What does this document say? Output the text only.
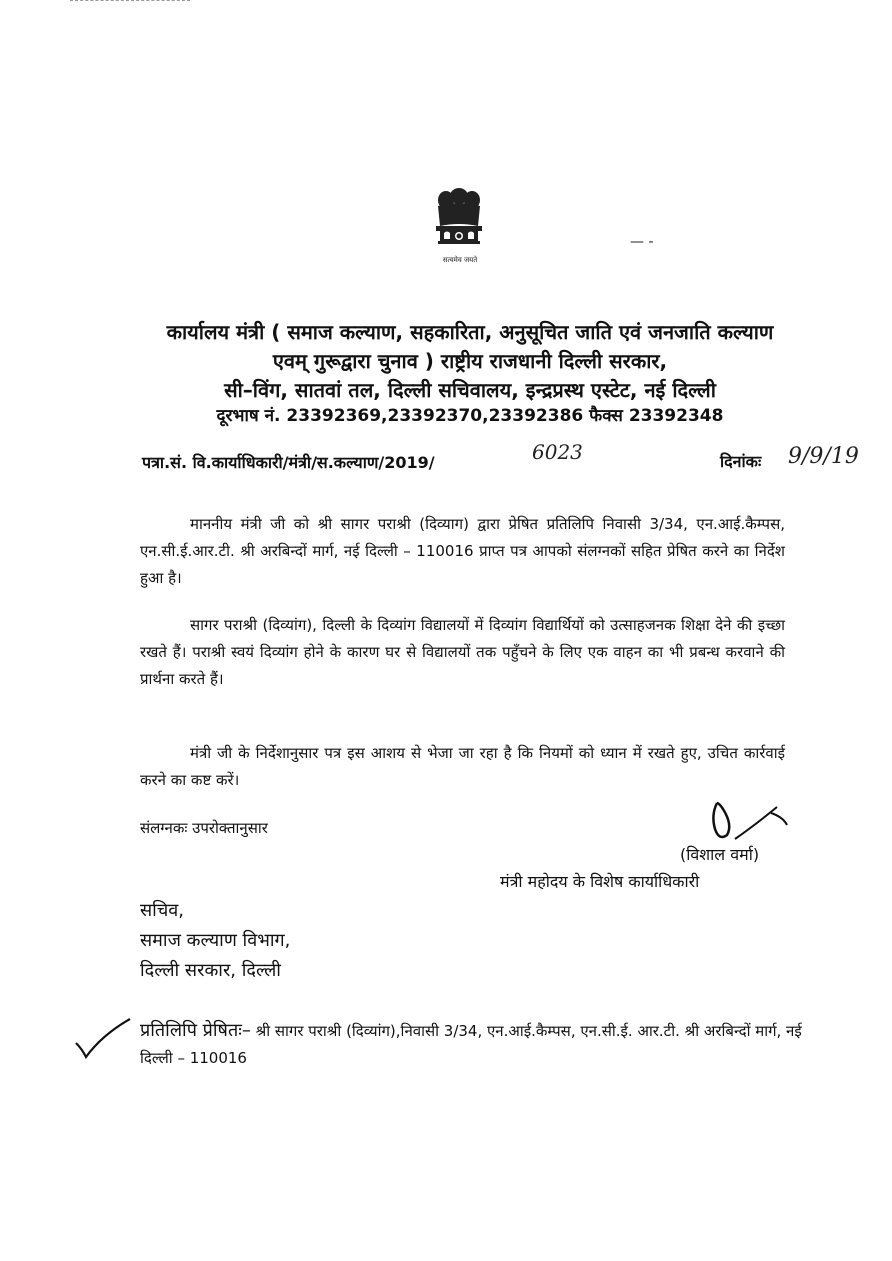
सत्यमेव जयते
— -
कार्यालय मंत्री ( समाज कल्याण, सहकारिता, अनुसूचित जाति एवं जनजाति कल्याण
एवम् गुरूद्वारा चुनाव ) राष्ट्रीय राजधानी दिल्ली सरकार,
सी–विंग, सातवां तल, दिल्ली सचिवालय, इन्द्रप्रस्थ एस्टेट, नई दिल्ली
दूरभाष नं. 23392369,23392370,23392386 फैक्स 23392348
पत्रा.सं. वि.कार्याधिकारी/मंत्री/स.कल्याण/2019/	6023	दिनांकः 9/9/19
माननीय मंत्री जी को श्री सागर पराश्री (दिव्याग) द्वारा प्रेषित प्रतिलिपि निवासी 3/34, एन.आई.कैम्पस, एन.सी.ई.आर.टी. श्री अरबिन्दों मार्ग, नई दिल्ली – 110016 प्राप्त पत्र आपको संलग्नकों सहित प्रेषित करने का निर्देश हुआ है।
सागर पराश्री (दिव्यांग), दिल्ली के दिव्यांग विद्यालयों में दिव्यांग विद्यार्थियों को उत्साहजनक शिक्षा देने की इच्छा रखते हैं। पराश्री स्वयं दिव्यांग होने के कारण घर से विद्यालयों तक पहुँचने के लिए एक वाहन का भी प्रबन्ध करवाने की प्रार्थना करते हैं।
मंत्री जी के निर्देशानुसार पत्र इस आशय से भेजा जा रहा है कि नियमों को ध्यान में रखते हुए, उचित कार्रवाई करने का कष्ट करें।
संलग्नकः उपरोक्तानुसार
(विशाल वर्मा)
मंत्री महोदय के विशेष कार्याधिकारी
सचिव,
समाज कल्याण विभाग,
दिल्ली सरकार, दिल्ली
प्रतिलिपि प्रेषितः– श्री सागर पराश्री (दिव्यांग),निवासी 3/34, एन.आई.कैम्पस, एन.सी.ई. आर.टी. श्री अरबिन्दों मार्ग, नई दिल्ली – 110016
